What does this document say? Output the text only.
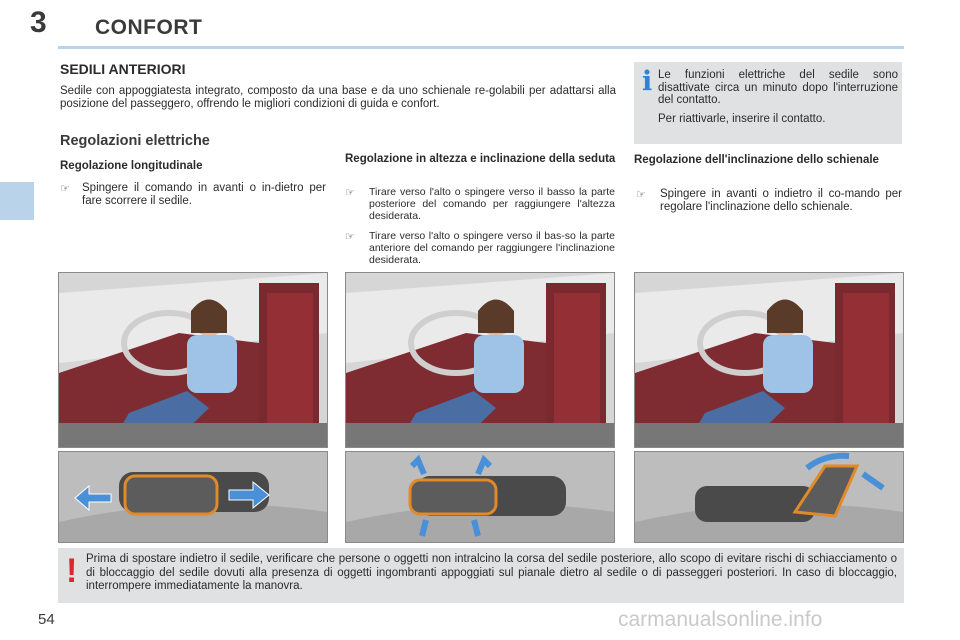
3 CONFORT
SEDILI ANTERIORI
Sedile con appoggiatesta integrato, composto da una base e da uno schienale re-golabili per adattarsi alla posizione del passeggero, offrendo le migliori condizioni di guida e confort.
Regolazioni elettriche
Regolazione longitudinale
☞ Spingere il comando in avanti o in-dietro per fare scorrere il sedile.
Regolazione in altezza e inclinazione della seduta
☞ Tirare verso l'alto o spingere verso il basso la parte posteriore del comando per raggiungere l'altezza desiderata.
☞ Tirare verso l'alto o spingere verso il bas-so la parte anteriore del comando per raggiungere l'inclinazione desiderata.
Regolazione dell'inclinazione dello schienale
☞ Spingere in avanti o indietro il co-mando per regolare l'inclinazione dello schienale.
i Le funzioni elettriche del sedile sono disattivate circa un minuto dopo l'interruzione del contatto.
Per riattivarle, inserire il contatto.
! Prima di spostare indietro il sedile, verificare che persone o oggetti non intralcino la corsa del sedile posteriore, allo scopo di evitare rischi di schiacciamento o di bloccaggio del sedile dovuti alla presenza di oggetti ingombranti appoggiati sul pianale dietro al sedile o di passeggeri posteriori. In caso di bloccaggio, interrompere immediatamente la manovra.
54	carmanualsonline.info
